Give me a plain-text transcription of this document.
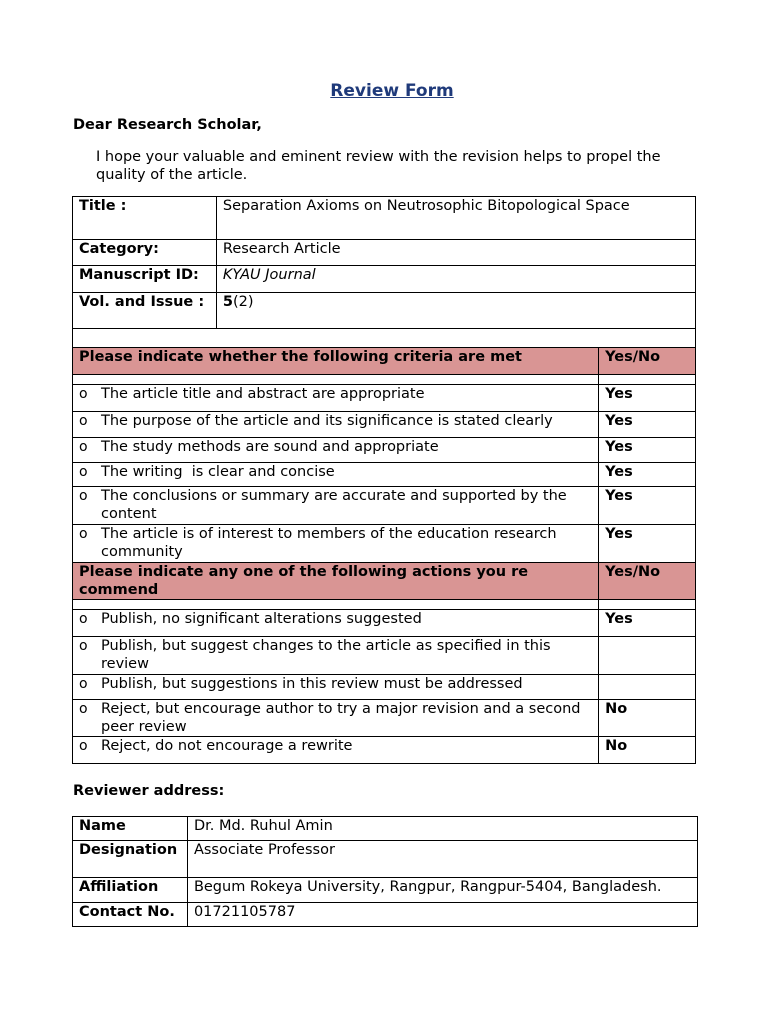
Review Form
Dear Research Scholar,
I hope your valuable and eminent review with the revision helps to propel the quality of the article.
Title :	Separation Axioms on Neutrosophic Bitopological Space
Category:	Research Article
Manuscript ID:	KYAU Journal
Vol. and Issue :	5(2)

Please indicate whether the following criteria are met	Yes/No

o The article title and abstract are appropriate	Yes

o The purpose of the article and its significance is stated clearly	Yes

o The study methods are sound and appropriate	Yes

o The writing  is clear and concise	Yes

o The conclusions or summary are accurate and supported by the content	Yes

o The article is of interest to members of the education research community	Yes
Please indicate any one of the following actions you re commend	Yes/No

o Publish, no significant alterations suggested	Yes

o Publish, but suggest changes to the article as specified in this review	

o Publish, but suggestions in this review must be addressed	

o Reject, but encourage author to try a major revision and a second peer review	No

o Reject, do not encourage a rewrite	No
Reviewer address:
Name	Dr. Md. Ruhul Amin
Designation	Associate Professor
Affiliation	Begum Rokeya University, Rangpur, Rangpur-5404, Bangladesh.
Contact No.	01721105787
